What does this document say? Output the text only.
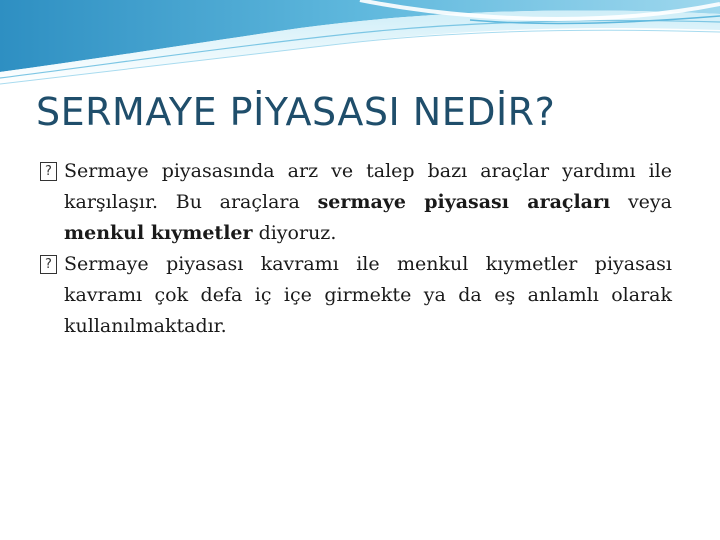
SERMAYE PİYASASI NEDİR?

? Sermaye piyasasında arz ve talep bazı araçlar yardımı ile karşılaşır. Bu araçlara sermaye piyasası araçları veya menkul kıymetler diyoruz.

? Sermaye piyasası kavramı ile menkul kıymetler piyasası kavramı çok defa iç içe girmekte ya da eş anlamlı olarak kullanılmaktadır.
